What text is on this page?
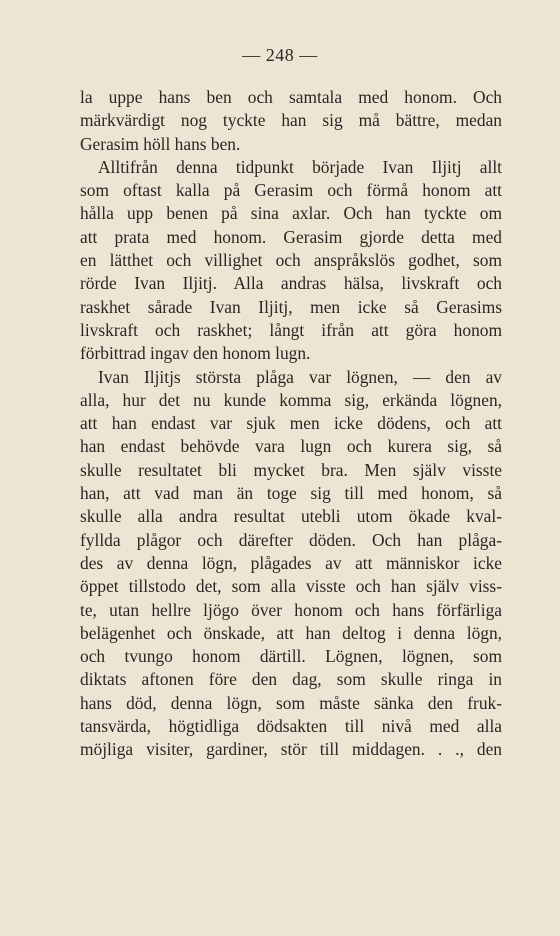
— 248 —
la uppe hans ben och samtala med honom. Och
märkvärdigt nog tyckte han sig må bättre, medan
Gerasim höll hans ben.
Alltifrån denna tidpunkt började Ivan Iljitj allt
som oftast kalla på Gerasim och förmå honom att
hålla upp benen på sina axlar. Och han tyckte om
att prata med honom. Gerasim gjorde detta med
en lätthet och villighet och anspråkslös godhet, som
rörde Ivan Iljitj. Alla andras hälsa, livskraft och
raskhet sårade Ivan Iljitj, men icke så Gerasims
livskraft och raskhet; långt ifrån att göra honom
förbittrad ingav den honom lugn.
Ivan Iljitjs största plåga var lögnen, — den av
alla, hur det nu kunde komma sig, erkända lögnen,
att han endast var sjuk men icke dödens, och att
han endast behövde vara lugn och kurera sig, så
skulle resultatet bli mycket bra. Men själv visste
han, att vad man än toge sig till med honom, så
skulle alla andra resultat utebli utom ökade kval-
fyllda plågor och därefter döden. Och han plåga-
des av denna lögn, plågades av att människor icke
öppet tillstodo det, som alla visste och han själv viss-
te, utan hellre ljögo över honom och hans förfärliga
belägenhet och önskade, att han deltog i denna lögn,
och tvungo honom därtill. Lögnen, lögnen, som
diktats aftonen före den dag, som skulle ringa in
hans död, denna lögn, som måste sänka den fruk-
tansvärda, högtidliga dödsakten till nivå med alla
möjliga visiter, gardiner, stör till middagen. . ., den
